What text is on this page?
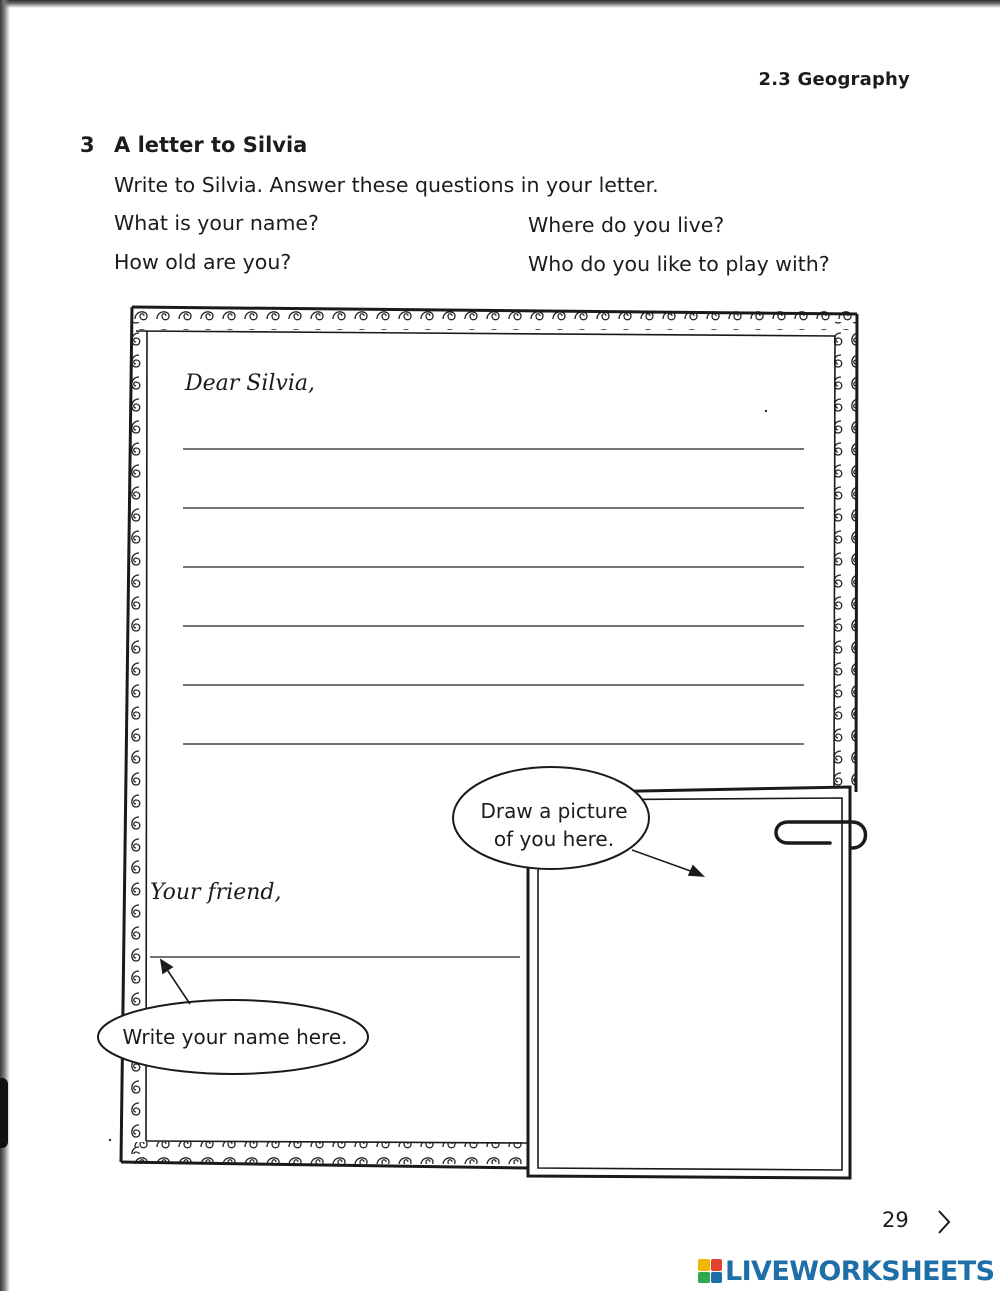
2.3 Geography
3 A letter to Silvia
Write to Silvia. Answer these questions in your letter.
What is your name?	Where do you live?
How old are you?	Who do you like to play with?
Dear Silvia,
Your friend,
Draw a picture
of you here.
Write your name here.
29
LIVEWORKSHEETS
